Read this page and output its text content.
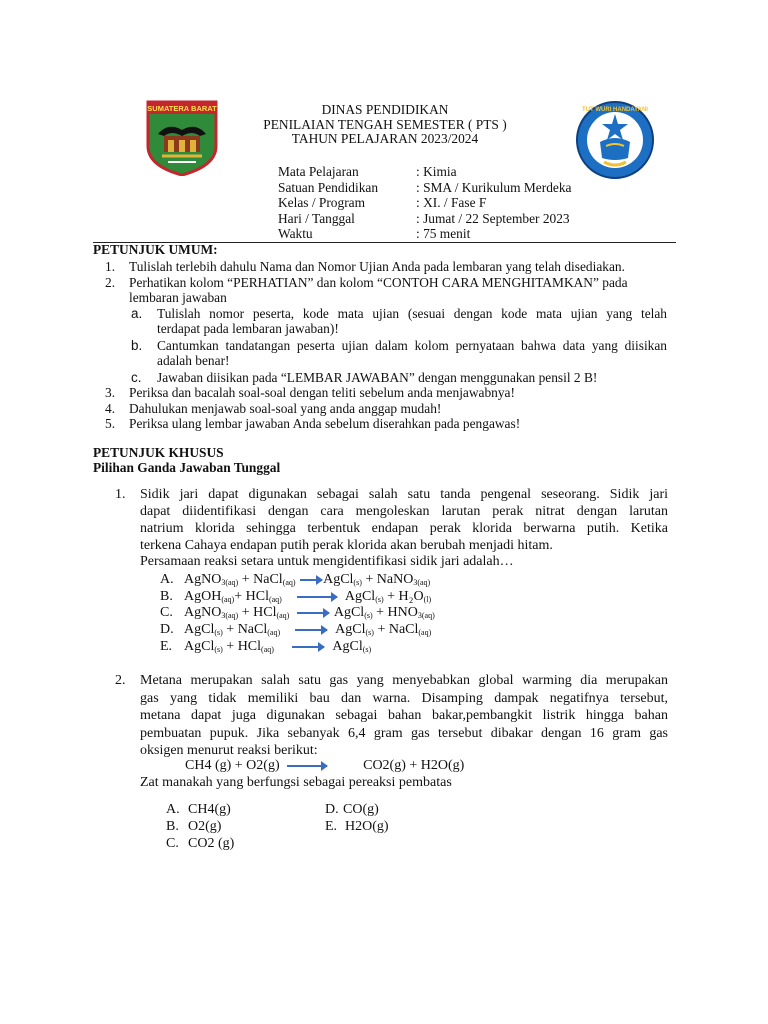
SUMATERA BARAT	TUT WURI HANDAYANI
DINAS PENDIDIKAN
PENILAIAN TENGAH SEMESTER ( PTS )
TAHUN PELAJARAN 2023/2024
Mata Pelajaran	: Kimia
Satuan Pendidikan	: SMA / Kurikulum Merdeka
Kelas / Program	: XI. / Fase F
Hari / Tanggal	: Jumat / 22 September 2023
Waktu	: 75 menit
PETUNJUK UMUM:
1. Tulislah terlebih dahulu Nama dan Nomor Ujian Anda pada lembaran yang telah disediakan.
2. Perhatikan kolom “PERHATIAN” dan kolom “CONTOH CARA MENGHITAMKAN” pada
lembaran jawaban
a. Tulislah nomor peserta, kode mata ujian (sesuai dengan kode mata ujian yang telah
terdapat pada lembaran jawaban)!
b. Cantumkan tandatangan peserta ujian dalam kolom pernyataan bahwa data yang diisikan
adalah benar!
c. Jawaban diisikan pada “LEMBAR JAWABAN” dengan menggunakan pensil 2 B!
3. Periksa dan bacalah soal-soal dengan teliti sebelum anda menjawabnya!
4. Dahulukan menjawab soal-soal yang anda anggap mudah!
5. Periksa ulang lembar jawaban Anda sebelum diserahkan pada pengawas!
PETUNJUK KHUSUS
Pilihan Ganda Jawaban Tunggal
1. Sidik jari dapat digunakan sebagai salah satu tanda pengenal seseorang. Sidik jari
dapat diidentifikasi dengan cara mengoleskan larutan perak nitrat dengan larutan
natrium klorida sehingga terbentuk endapan perak klorida berwarna putih. Ketika
terkena Cahaya endapan putih perak klorida akan berubah menjadi hitam.
Persamaan reaksi setara untuk mengidentifikasi sidik jari adalah…
A. AgNO$_{3(aq)}$ + NaCl$_{(aq)}$ →AgCl$_{(s)}$ + NaNO$_{3(aq)}$
B. AgOH$_{(aq)}$+ HCl$_{(aq)}$ → AgCl$_{(s)}$ + $H_2O_{(l)}$
C. AgNO$_{3(aq)}$ + HCl$_{(aq)}$ → AgCl$_{(s)}$ + $HNO_{3(aq)}$
D. AgCl$_{(s)}$ + NaCl$_{(aq)}$ → AgCl$_{(s)}$ + NaCl$_{(aq)}$
E. AgCl$_{(s)}$ + HCl$_{(aq)}$ → AgCl$_{(s)}$
2. Metana merupakan salah satu gas yang menyebabkan global warming dia merupakan
gas yang tidak memiliki bau dan warna. Disamping dampak negatifnya tersebut,
metana dapat juga digunakan sebagai bahan bakar,pembangkit listrik hingga bahan
pembuatan pupuk. Jika sebanyak 6,4 gram gas tersebut dibakar dengan 16 gram gas
oksigen menurut reaksi berikut:
CH4 (g) + O2(g) →	CO2(g) + H2O(g)
Zat manakah yang berfungsi sebagai pereaksi pembatas
A. CH4(g)
B. O2(g)
C. CO2 (g)
D. CO(g)
E. H2O(g)
